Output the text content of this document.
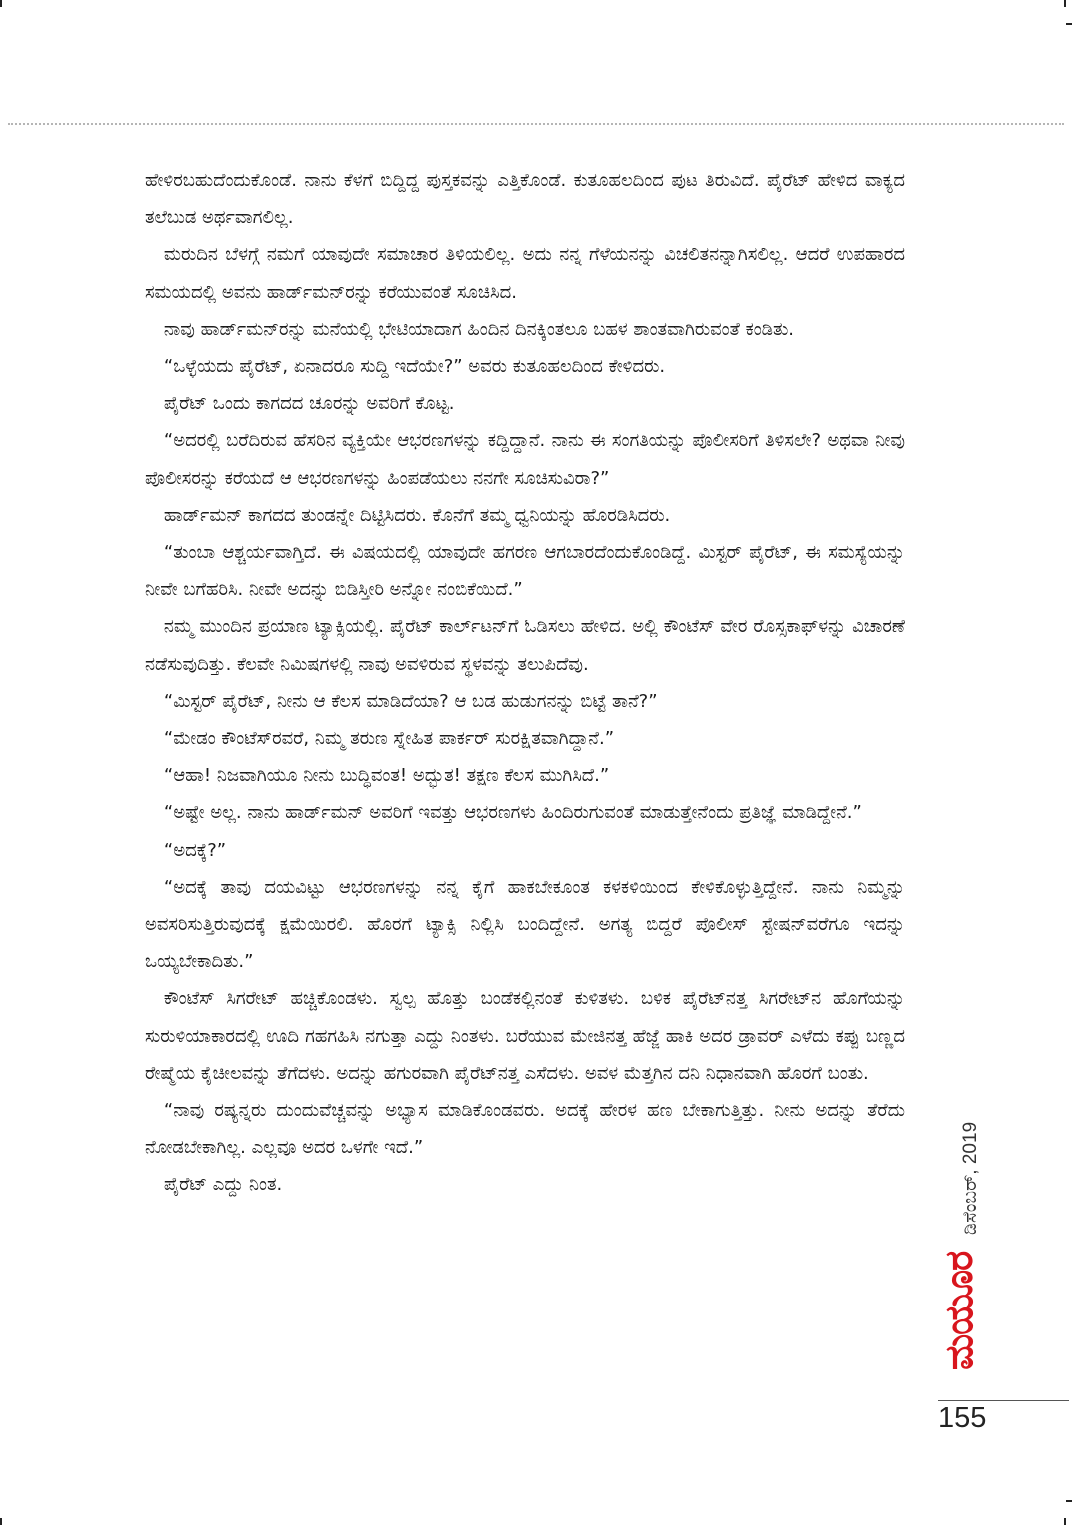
ಹೇಳಿರಬಹುದೆಂದುಕೊಂಡೆ. ನಾನು ಕೆಳಗೆ ಬಿದ್ದಿದ್ದ ಪುಸ್ತಕವನ್ನು ಎತ್ತಿಕೊಂಡೆ. ಕುತೂಹಲದಿಂದ ಪುಟ ತಿರುವಿದೆ. ಪೈರೆಟ್ ಹೇಳಿದ ವಾಕ್ಯದ ತಲೆಬುಡ ಅರ್ಥವಾಗಲಿಲ್ಲ.

ಮರುದಿನ ಬೆಳಗ್ಗೆ ನಮಗೆ ಯಾವುದೇ ಸಮಾಚಾರ ತಿಳಿಯಲಿಲ್ಲ. ಅದು ನನ್ನ ಗೆಳೆಯನನ್ನು ವಿಚಲಿತನನ್ನಾಗಿಸಲಿಲ್ಲ. ಆದರೆ ಉಪಹಾರದ ಸಮಯದಲ್ಲಿ ಅವನು ಹಾರ್ಡ್‌ಮನ್‌ರನ್ನು ಕರೆಯುವಂತೆ ಸೂಚಿಸಿದ.

ನಾವು ಹಾರ್ಡ್‌ಮನ್‌ರನ್ನು ಮನೆಯಲ್ಲಿ ಭೇಟಿಯಾದಾಗ ಹಿಂದಿನ ದಿನಕ್ಕಿಂತಲೂ ಬಹಳ ಶಾಂತವಾಗಿರುವಂತೆ ಕಂಡಿತು.

“ಒಳ್ಳೆಯದು ಪೈರೆಟ್, ಏನಾದರೂ ಸುದ್ದಿ ಇದೆಯೇ?” ಅವರು ಕುತೂಹಲದಿಂದ ಕೇಳಿದರು.

ಪೈರೆಟ್ ಒಂದು ಕಾಗದದ ಚೂರನ್ನು ಅವರಿಗೆ ಕೊಟ್ಟ.

“ಅದರಲ್ಲಿ ಬರೆದಿರುವ ಹೆಸರಿನ ವ್ಯಕ್ತಿಯೇ ಆಭರಣಗಳನ್ನು ಕದ್ದಿದ್ದಾನೆ. ನಾನು ಈ ಸಂಗತಿಯನ್ನು ಪೊಲೀಸರಿಗೆ ತಿಳಿಸಲೇ? ಅಥವಾ ನೀವು ಪೊಲೀಸರನ್ನು ಕರೆಯದೆ ಆ ಆಭರಣಗಳನ್ನು ಹಿಂಪಡೆಯಲು ನನಗೇ ಸೂಚಿಸುವಿರಾ?”

ಹಾರ್ಡ್‌ಮನ್ ಕಾಗದದ ತುಂಡನ್ನೇ ದಿಟ್ಟಿಸಿದರು. ಕೊನೆಗೆ ತಮ್ಮ ಧ್ವನಿಯನ್ನು ಹೊರಡಿಸಿದರು.

“ತುಂಬಾ ಆಶ್ಚರ್ಯವಾಗ್ತಿದೆ. ಈ ವಿಷಯದಲ್ಲಿ ಯಾವುದೇ ಹಗರಣ ಆಗಬಾರದೆಂದುಕೊಂಡಿದ್ದೆ. ಮಿಸ್ಟರ್ ಪೈರೆಟ್, ಈ ಸಮಸ್ಯೆಯನ್ನು ನೀವೇ ಬಗೆಹರಿಸಿ. ನೀವೇ ಅದನ್ನು ಬಿಡಿಸ್ತೀರಿ ಅನ್ನೋ ನಂಬಿಕೆಯಿದೆ.”

ನಮ್ಮ ಮುಂದಿನ ಪ್ರಯಾಣ ಟ್ಯಾಕ್ಸಿಯಲ್ಲಿ. ಪೈರೆಟ್ ಕಾರ್ಲ್‌ಟನ್‌ಗೆ ಓಡಿಸಲು ಹೇಳಿದ. ಅಲ್ಲಿ ಕೌಂಟೆಸ್ ವೇರ ರೊಸ್ಸಕಾಫ್‌ಳನ್ನು ವಿಚಾರಣೆ ನಡೆಸುವುದಿತ್ತು. ಕೆಲವೇ ನಿಮಿಷಗಳಲ್ಲಿ ನಾವು ಅವಳಿರುವ ಸ್ಥಳವನ್ನು ತಲುಪಿದೆವು.

“ಮಿಸ್ಟರ್ ಪೈರೆಟ್, ನೀನು ಆ ಕೆಲಸ ಮಾಡಿದೆಯಾ? ಆ ಬಡ ಹುಡುಗನನ್ನು ಬಿಟ್ಟೆ ತಾನೆ?”

“ಮೇಡಂ ಕೌಂಟೆಸ್‌ರವರೆ, ನಿಮ್ಮ ತರುಣ ಸ್ನೇಹಿತ ಪಾರ್ಕರ್ ಸುರಕ್ಷಿತವಾಗಿದ್ದಾನೆ.”

“ಆಹಾ! ನಿಜವಾಗಿಯೂ ನೀನು ಬುದ್ಧಿವಂತ! ಅದ್ಭುತ! ತಕ್ಷಣ ಕೆಲಸ ಮುಗಿಸಿದೆ.”

“ಅಷ್ಟೇ ಅಲ್ಲ. ನಾನು ಹಾರ್ಡ್‌ಮನ್ ಅವರಿಗೆ ಇವತ್ತು ಆಭರಣಗಳು ಹಿಂದಿರುಗುವಂತೆ ಮಾಡುತ್ತೇನೆಂದು ಪ್ರತಿಜ್ಞೆ ಮಾಡಿದ್ದೇನೆ.”

“ಅದಕ್ಕೆ?”

“ಅದಕ್ಕೆ ತಾವು ದಯವಿಟ್ಟು ಆಭರಣಗಳನ್ನು ನನ್ನ ಕೈಗೆ ಹಾಕಬೇಕೂಂತ ಕಳಕಳಿಯಿಂದ ಕೇಳಿಕೊಳ್ಳುತ್ತಿದ್ದೇನೆ. ನಾನು ನಿಮ್ಮನ್ನು ಅವಸರಿಸುತ್ತಿರುವುದಕ್ಕೆ ಕ್ಷಮೆಯಿರಲಿ. ಹೊರಗೆ ಟ್ಯಾಕ್ಸಿ ನಿಲ್ಲಿಸಿ ಬಂದಿದ್ದೇನೆ. ಅಗತ್ಯ ಬಿದ್ದರೆ ಪೊಲೀಸ್ ಸ್ಟೇಷನ್‌ವರೆಗೂ ಇದನ್ನು ಒಯ್ಯಬೇಕಾದಿತು.”

ಕೌಂಟೆಸ್ ಸಿಗರೇಟ್ ಹಚ್ಚಿಕೊಂಡಳು. ಸ್ವಲ್ಪ ಹೊತ್ತು ಬಂಡೆಕಲ್ಲಿನಂತೆ ಕುಳಿತಳು. ಬಳಿಕ ಪೈರೆಟ್‌ನತ್ತ ಸಿಗರೇಟ್‌ನ ಹೊಗೆಯನ್ನು ಸುರುಳಿಯಾಕಾರದಲ್ಲಿ ಊದಿ ಗಹಗಹಿಸಿ ನಗುತ್ತಾ ಎದ್ದು ನಿಂತಳು. ಬರೆಯುವ ಮೇಜಿನತ್ತ ಹೆಜ್ಜೆ ಹಾಕಿ ಅದರ ಡ್ರಾವರ್ ಎಳೆದು ಕಪ್ಪು ಬಣ್ಣದ ರೇಷ್ಮೆಯ ಕೈಚೀಲವನ್ನು ತೆಗೆದಳು. ಅದನ್ನು ಹಗುರವಾಗಿ ಪೈರೆಟ್‌ನತ್ತ ಎಸೆದಳು. ಅವಳ ಮೆತ್ತಗಿನ ದನಿ ನಿಧಾನವಾಗಿ ಹೊರಗೆ ಬಂತು.

“ನಾವು ರಷ್ಯನ್ನರು ದುಂದುವೆಚ್ಚವನ್ನು ಅಭ್ಯಾಸ ಮಾಡಿಕೊಂಡವರು. ಅದಕ್ಕೆ ಹೇರಳ ಹಣ ಬೇಕಾಗುತ್ತಿತ್ತು. ನೀನು ಅದನ್ನು ತೆರೆದು ನೋಡಬೇಕಾಗಿಲ್ಲ. ಎಲ್ಲವೂ ಅದರ ಒಳಗೇ ಇದೆ.”

ಪೈರೆಟ್ ಎದ್ದು ನಿಂತ.	ಡಿಸೆಂಬರ್, 2019
ಮಯೂರ
155
